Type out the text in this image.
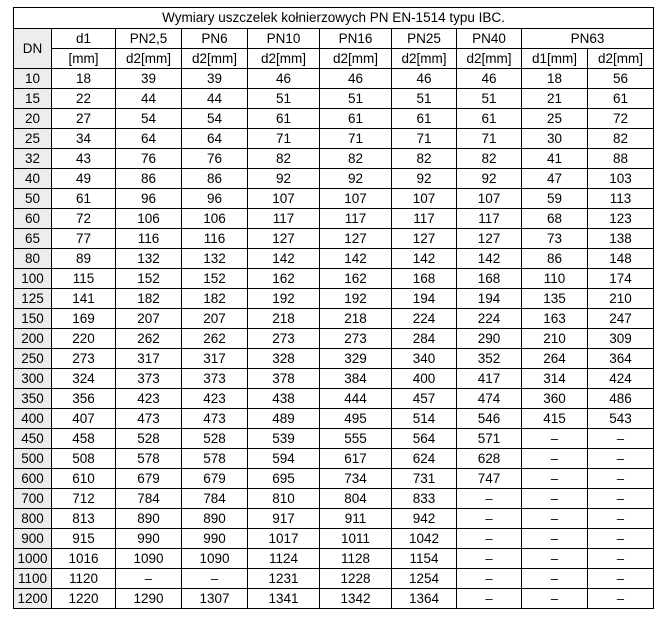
Wymiary uszczelek kołnierzowych PN EN-1514 typu IBC.									
DN	d1	PN2,5	PN6	PN10	PN16	PN25	PN40	PN63	
	[mm]	d2[mm]	d2[mm]	d2[mm]	d2[mm]	d2[mm]	d2[mm]	d1[mm]	d2[mm]
10	18	39	39	46	46	46	46	18	56
15	22	44	44	51	51	51	51	21	61
20	27	54	54	61	61	61	61	25	72
25	34	64	64	71	71	71	71	30	82
32	43	76	76	82	82	82	82	41	88
40	49	86	86	92	92	92	92	47	103
50	61	96	96	107	107	107	107	59	113
60	72	106	106	117	117	117	117	68	123
65	77	116	116	127	127	127	127	73	138
80	89	132	132	142	142	142	142	86	148
100	115	152	152	162	162	168	168	110	174
125	141	182	182	192	192	194	194	135	210
150	169	207	207	218	218	224	224	163	247
200	220	262	262	273	273	284	290	210	309
250	273	317	317	328	329	340	352	264	364
300	324	373	373	378	384	400	417	314	424
350	356	423	423	438	444	457	474	360	486
400	407	473	473	489	495	514	546	415	543
450	458	528	528	539	555	564	571	–	–
500	508	578	578	594	617	624	628	–	–
600	610	679	679	695	734	731	747	–	–
700	712	784	784	810	804	833	–	–	–
800	813	890	890	917	911	942	–	–	–
900	915	990	990	1017	1011	1042	–	–	–
1000	1016	1090	1090	1124	1128	1154	–	–	–
1100	1120	–	–	1231	1228	1254	–	–	–
1200	1220	1290	1307	1341	1342	1364	–	–	–
